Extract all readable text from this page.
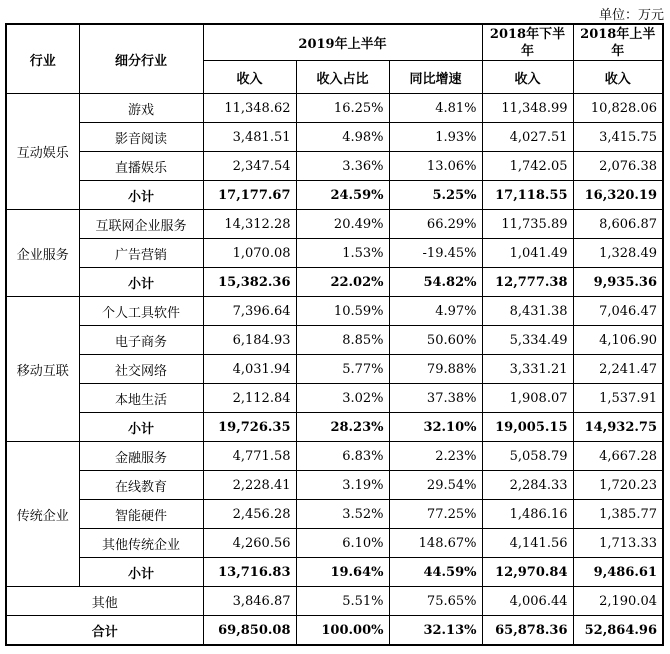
单位：万元
行业	细分行业	2019年上半年			2018年下半年	2018年上半年
		收入	收入占比	同比增速	收入	收入
互动娱乐	游戏	11,348.62	16.25%	4.81%	11,348.99	10,828.06
	影音阅读	3,481.51	4.98%	1.93%	4,027.51	3,415.75
	直播娱乐	2,347.54	3.36%	13.06%	1,742.05	2,076.38
	小计	17,177.67	24.59%	5.25%	17,118.55	16,320.19
企业服务	互联网企业服务	14,312.28	20.49%	66.29%	11,735.89	8,606.87
	广告营销	1,070.08	1.53%	-19.45%	1,041.49	1,328.49
	小计	15,382.36	22.02%	54.82%	12,777.38	9,935.36
移动互联	个人工具软件	7,396.64	10.59%	4.97%	8,431.38	7,046.47
	电子商务	6,184.93	8.85%	50.60%	5,334.49	4,106.90
	社交网络	4,031.94	5.77%	79.88%	3,331.21	2,241.47
	本地生活	2,112.84	3.02%	37.38%	1,908.07	1,537.91
	小计	19,726.35	28.23%	32.10%	19,005.15	14,932.75
传统企业	金融服务	4,771.58	6.83%	2.23%	5,058.79	4,667.28
	在线教育	2,228.41	3.19%	29.54%	2,284.33	1,720.23
	智能硬件	2,456.28	3.52%	77.25%	1,486.16	1,385.77
	其他传统企业	4,260.56	6.10%	148.67%	4,141.56	1,713.33
	小计	13,716.83	19.64%	44.59%	12,970.84	9,486.61
其他		3,846.87	5.51%	75.65%	4,006.44	2,190.04
合计		69,850.08	100.00%	32.13%	65,878.36	52,864.96
